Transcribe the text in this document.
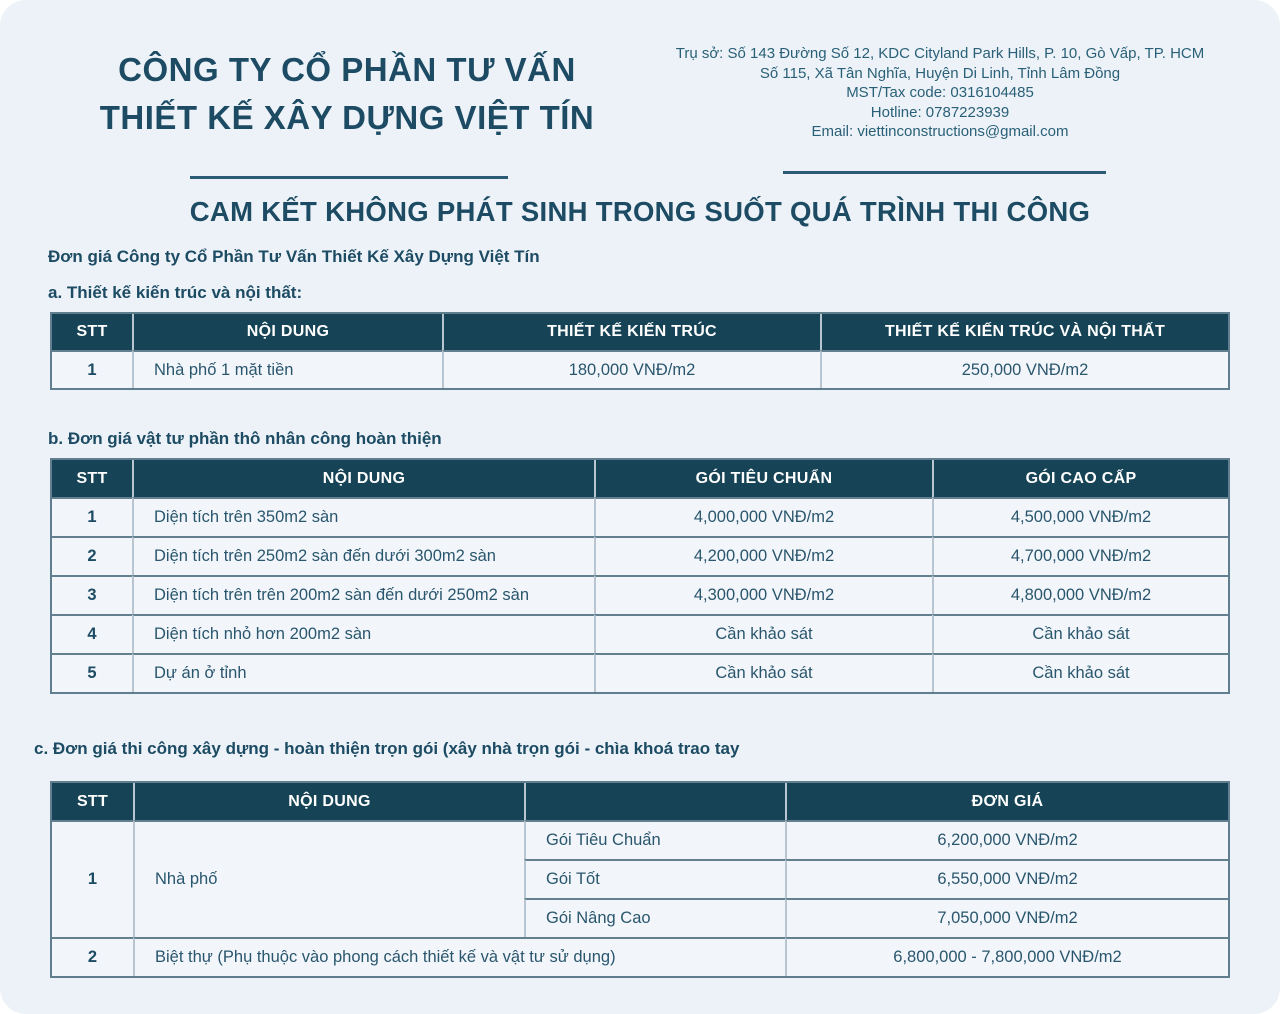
CÔNG TY CỔ PHẦN TƯ VẤN
THIẾT KẾ XÂY DỰNG VIỆT TÍN
Trụ sở: Số 143 Đường Số 12, KDC Cityland Park Hills, P. 10, Gò Vấp, TP. HCM
Số 115, Xã Tân Nghĩa, Huyện Di Linh, Tỉnh Lâm Đồng
MST/Tax code: 0316104485
Hotline: 0787223939
Email: viettinconstructions@gmail.com
CAM KẾT KHÔNG PHÁT SINH TRONG SUỐT QUÁ TRÌNH THI CÔNG
Đơn giá Công ty Cổ Phần Tư Vấn Thiết Kế Xây Dựng Việt Tín
a. Thiết kế kiến trúc và nội thất:
STT	NỘI DUNG	THIẾT KẾ KIẾN TRÚC	THIẾT KẾ KIẾN TRÚC VÀ NỘI THẤT
1	Nhà phố 1 mặt tiền	180,000 VNĐ/m2	250,000 VNĐ/m2
b. Đơn giá vật tư phần thô nhân công hoàn thiện
STT	NỘI DUNG	GÓI TIÊU CHUẨN	GÓI CAO CẤP
1	Diện tích trên 350m2 sàn	4,000,000 VNĐ/m2	4,500,000 VNĐ/m2
2	Diện tích trên 250m2 sàn đến dưới 300m2 sàn	4,200,000 VNĐ/m2	4,700,000 VNĐ/m2
3	Diện tích trên trên 200m2 sàn đến dưới 250m2 sàn	4,300,000 VNĐ/m2	4,800,000 VNĐ/m2
4	Diện tích nhỏ hơn 200m2 sàn	Cần khảo sát	Cần khảo sát
5	Dự án ở tỉnh	Cần khảo sát	Cần khảo sát
c. Đơn giá thi công xây dựng - hoàn thiện trọn gói (xây nhà trọn gói - chìa khoá trao tay
STT	NỘI DUNG	ĐƠN GIÁ
1	Nhà phố
Gói Tiêu Chuẩn	6,200,000 VNĐ/m2
Gói Tốt	6,550,000 VNĐ/m2
Gói Nâng Cao	7,050,000 VNĐ/m2
2	Biệt thự (Phụ thuộc vào phong cách thiết kế và vật tư sử dụng)	6,800,000 - 7,800,000 VNĐ/m2
